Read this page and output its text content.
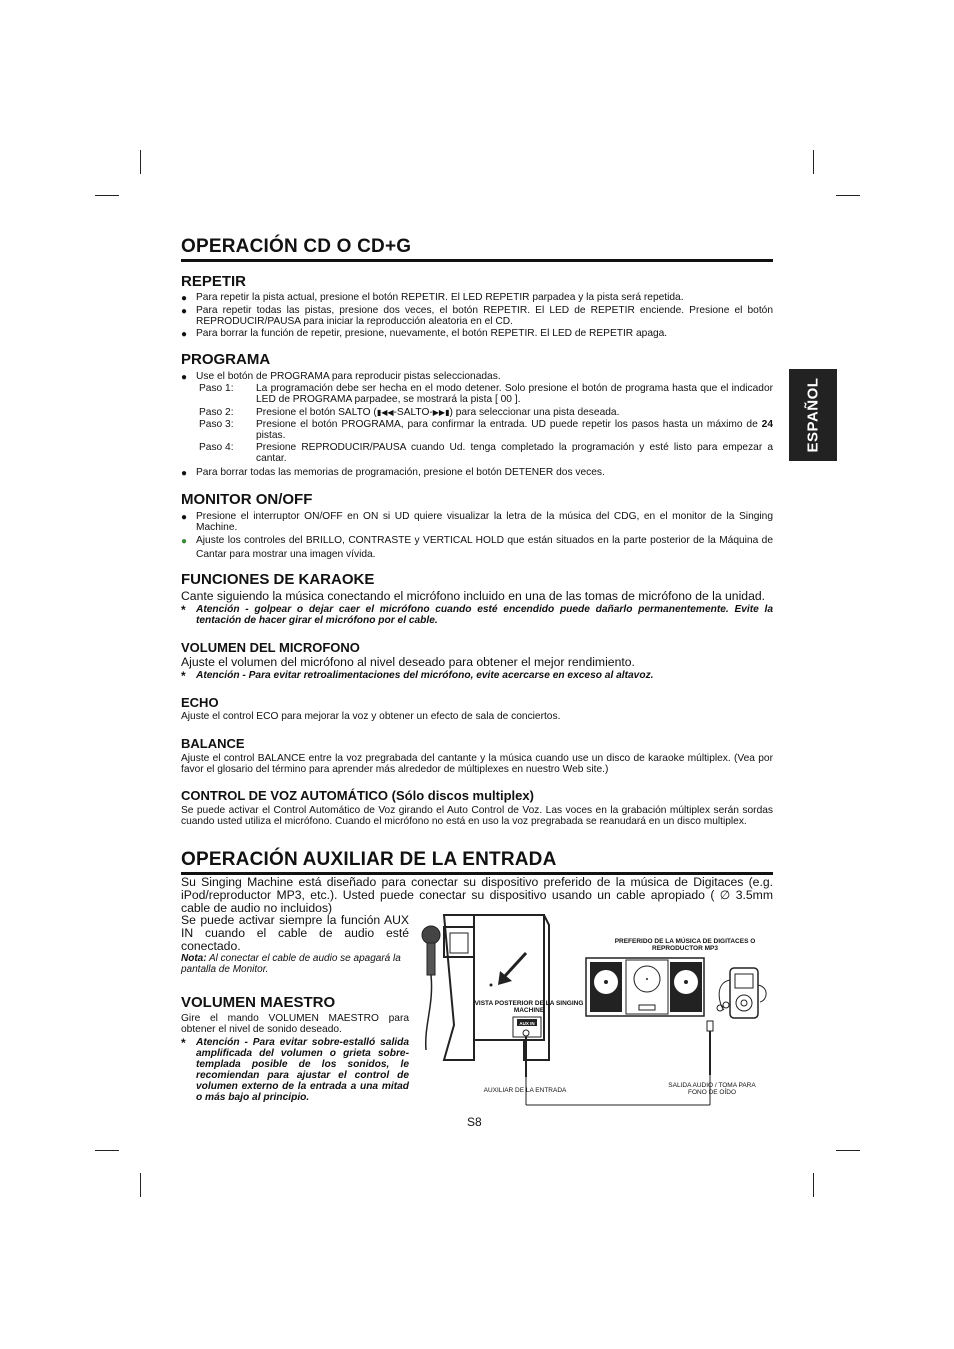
ESPAÑOL
OPERACIÓN CD O CD+G
REPETIR
● Para repetir la pista actual, presione el botón REPETIR. El LED REPETIR parpadea y la pista será repetida.
● Para repetir todas las pistas, presione dos veces, el botón REPETIR. El LED de REPETIR enciende. Presione el botón REPRODUCIR/PAUSA para iniciar la reproducción aleatoria en el CD.
● Para borrar la función de repetir, presione, nuevamente, el botón REPETIR. El LED de REPETIR apaga.
PROGRAMA
● Use el botón de PROGRAMA para reproducir pistas seleccionadas.
Paso 1: La programación debe ser hecha en el modo detener. Solo presione el botón de programa hasta que el indicador LED de PROGRAMA parpadee, se mostrará la pista [ 00 ].
Paso 2: Presione el botón SALTO (▮◀◀-SALTO-▶▶▮) para seleccionar una pista deseada.
Paso 3: Presione el botón PROGRAMA, para confirmar la entrada. UD puede repetir los pasos hasta un máximo de 24 pistas.
Paso 4: Presione REPRODUCIR/PAUSA cuando Ud. tenga completado la programación y esté listo para empezar a cantar.
● Para borrar todas las memorias de programación, presione el botón DETENER dos veces.
MONITOR ON/OFF
● Presione el interruptor ON/OFF en ON si UD quiere visualizar la letra de la música del CDG, en el monitor de la Singing Machine.
● Ajuste los controles del BRILLO, CONTRASTE y VERTICAL HOLD que están situados en la parte posterior de la Máquina de Cantar para mostrar una imagen vívida.
FUNCIONES DE KARAOKE
Cante siguiendo la música conectando el micrófono incluido en una de las tomas de micrófono de la unidad.
* Atención - golpear o dejar caer el micrófono cuando esté encendido puede dañarlo permanentemente. Evite la tentación de hacer girar el micrófono por el cable.
VOLUMEN DEL MICROFONO
Ajuste el volumen del micrófono al nivel deseado para obtener el mejor rendimiento.
* Atención - Para evitar retroalimentaciones del micrófono, evite acercarse en exceso al altavoz.
ECHO
Ajuste el control ECO para mejorar la voz y obtener un efecto de sala de conciertos.
BALANCE
Ajuste el control BALANCE entre la voz pregrabada del cantante y la música cuando use un disco de karaoke múltiplex. (Vea por favor el glosario del término para aprender más alrededor de múltiplexes en nuestro Web site.)
CONTROL DE VOZ AUTOMÁTICO (Sólo discos multiplex)
Se puede activar el Control Automático de Voz girando el Auto Control de Voz. Las voces en la grabación múltiplex serán sordas cuando usted utiliza el micrófono. Cuando el micrófono no está en uso la voz pregrabada se reanudará en un disco multiplex.
OPERACIÓN AUXILIAR DE LA ENTRADA
Su Singing Machine está diseñado para conectar su dispositivo preferido de la música de Digitaces (e.g. iPod/reproductor MP3, etc.). Usted puede conectar su dispositivo usando un cable apropiado ( ∅ 3.5mm cable de audio no incluidos)
Se puede activar siempre la función AUX IN cuando el cable de audio esté conectado.
Nota: Al conectar el cable de audio se apagará la pantalla de Monitor.
VOLUMEN MAESTRO
Gire el mando VOLUMEN MAESTRO para obtener el nivel de sonido deseado.
* Atención - Para evitar sobre-estalló salida amplificada del volumen o grieta sobre-templada posible de los sonidos, le recomiendan para ajustar el control de volumen externo de la entrada a una mitad o más bajo al principio.
PREFERIDO DE LA MÚSICA DE DIGITACES O REPRODUCTOR MP3
VISTA POSTERIOR DE LA SINGING MACHINE
AUX IN
AUXILIAR DE LA ENTRADA
SALIDA AUDIO / TOMA PARA FONO DE OÍDO
S8
